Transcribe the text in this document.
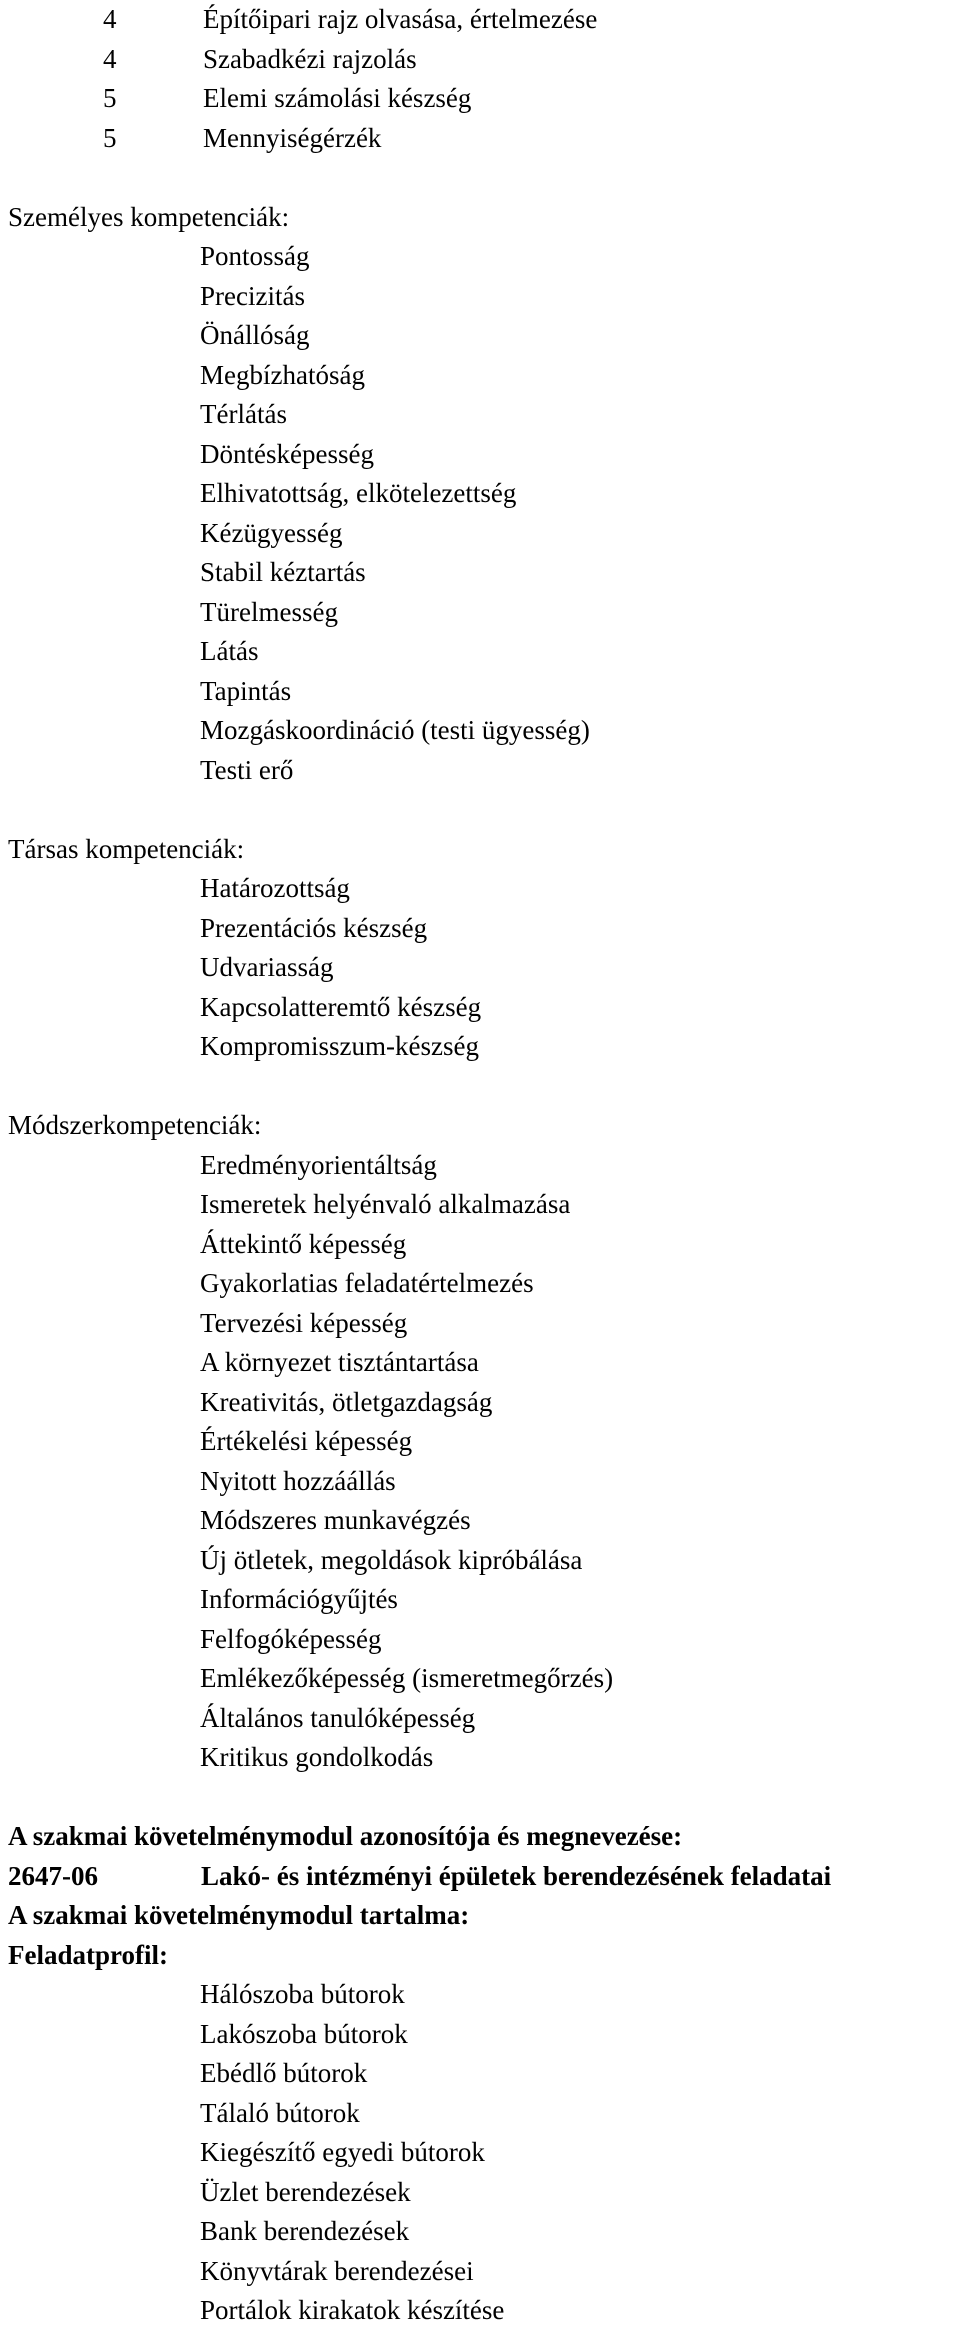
4	Építőipari rajz olvasása, értelmezése
4	Szabadkézi rajzolás
5	Elemi számolási készség
5	Mennyiségérzék
Személyes kompetenciák:
Pontosság
Precizitás
Önállóság
Megbízhatóság
Térlátás
Döntésképesség
Elhivatottság, elkötelezettség
Kézügyesség
Stabil kéztartás
Türelmesség
Látás
Tapintás
Mozgáskoordináció (testi ügyesség)
Testi erő
Társas kompetenciák:
Határozottság
Prezentációs készség
Udvariasság
Kapcsolatteremtő készség
Kompromisszum-készség
Módszerkompetenciák:
Eredményorientáltság
Ismeretek helyénvaló alkalmazása
Áttekintő képesség
Gyakorlatias feladatértelmezés
Tervezési képesség
A környezet tisztántartása
Kreativitás, ötletgazdagság
Értékelési képesség
Nyitott hozzáállás
Módszeres munkavégzés
Új ötletek, megoldások kipróbálása
Információgyűjtés
Felfogóképesség
Emlékezőképesség (ismeretmegőrzés)
Általános tanulóképesség
Kritikus gondolkodás
A szakmai követelménymodul azonosítója és megnevezése:
2647-06	Lakó- és intézményi épületek berendezésének feladatai
A szakmai követelménymodul tartalma:
Feladatprofil:
Hálószoba bútorok
Lakószoba bútorok
Ebédlő bútorok
Tálaló bútorok
Kiegészítő egyedi bútorok
Üzlet berendezések
Bank berendezések
Könyvtárak berendezései
Portálok kirakatok készítése
